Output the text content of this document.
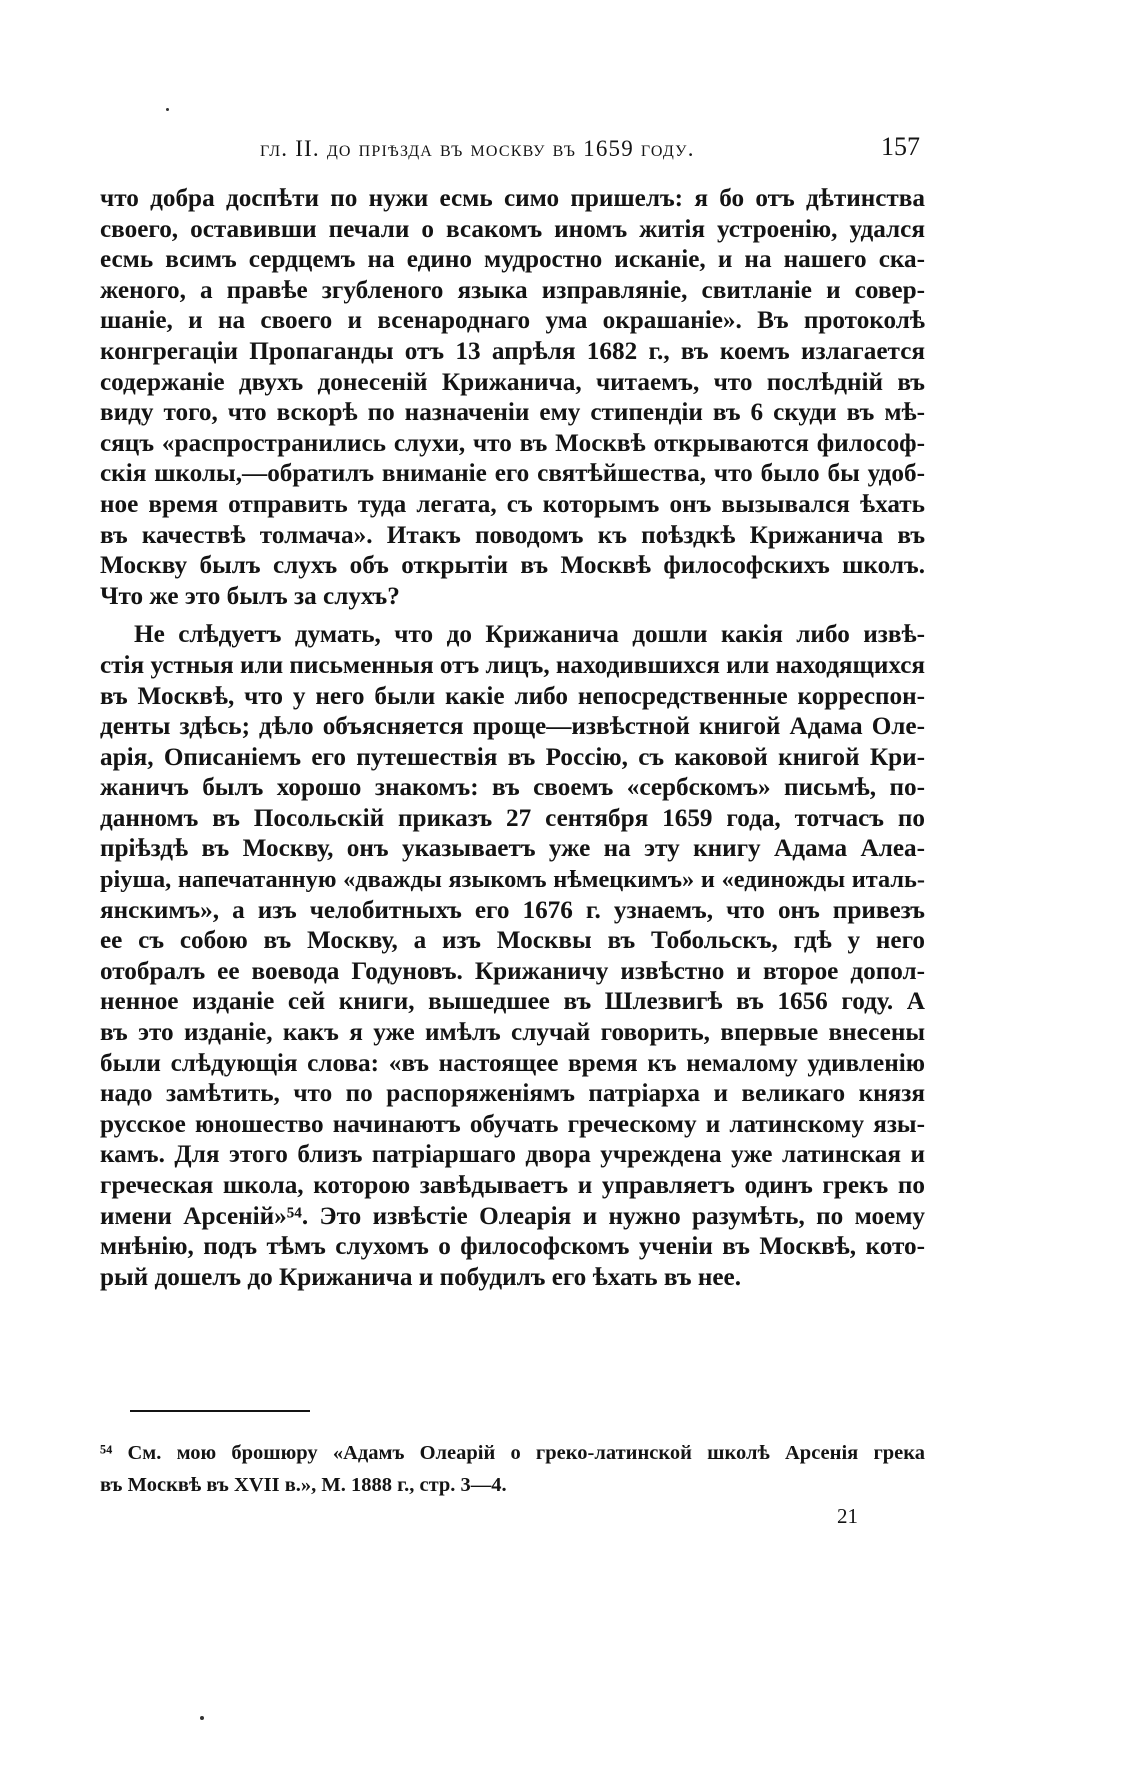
гл. II. до пріѣзда въ москву въ 1659 году.	157
что добра доспѣти по нужи есмь симо пришелъ: я бо отъ дѣтинства
своего, оставивши печали о всакомъ иномъ житія устроенію, удался
есмь всимъ сердцемъ на едино мудростно исканіе, и на нашего ска-
женого, а правѣе згубленого языка изправляніе, свитланіе и совер-
шаніе, и на своего и всенароднаго ума окрашаніе». Въ протоколѣ
конгрегаціи Пропаганды отъ 13 апрѣля 1682 г., въ коемъ излагается
содержаніе двухъ донесеній Крижанича, читаемъ, что послѣдній въ
виду того, что вскорѣ по назначеніи ему стипендіи въ 6 скуди въ мѣ-
сяцъ «распространились слухи, что въ Москвѣ открываются философ-
скія школы,—обратилъ вниманіе его святѣйшества, что было бы удоб-
ное время отправить туда легата, съ которымъ онъ вызывался ѣхать
въ качествѣ толмача». Итакъ поводомъ къ поѣздкѣ Крижанича въ
Москву былъ слухъ объ открытіи въ Москвѣ философскихъ школъ.
Что же это былъ за слухъ?
Не слѣдуетъ думать, что до Крижанича дошли какія либо извѣ-
стія устныя или письменныя отъ лицъ, находившихся или находящихся
въ Москвѣ, что у него были какіе либо непосредственные корреспон-
денты здѣсь; дѣло объясняется проще—извѣстной книгой Адама Оле-
арія, Описаніемъ его путешествія въ Россію, съ каковой книгой Кри-
жаничъ былъ хорошо знакомъ: въ своемъ «сербскомъ» письмѣ, по-
данномъ въ Посольскій приказъ 27 сентября 1659 года, тотчасъ по
пріѣздѣ въ Москву, онъ указываетъ уже на эту книгу Адама Алеа-
ріуша, напечатанную «дважды языкомъ нѣмецкимъ» и «единожды италь-
янскимъ», а изъ челобитныхъ его 1676 г. узнаемъ, что онъ привезъ
ее съ собою въ Москву, а изъ Москвы въ Тобольскъ, гдѣ у него
отобралъ ее воевода Годуновъ. Крижаничу извѣстно и второе допол-
ненное изданіе сей книги, вышедшее въ Шлезвигѣ въ 1656 году. А
въ это изданіе, какъ я уже имѣлъ случай говорить, впервые внесены
были слѣдующія слова: «въ настоящее время къ немалому удивленію
надо замѣтить, что по распоряженіямъ патріарха и великаго князя
русское юношество начинаютъ обучать греческому и латинскому язы-
камъ. Для этого близъ патріаршаго двора учреждена уже латинская и
греческая школа, которою завѣдываетъ и управляетъ одинъ грекъ по
имени Арсеній»⁵⁴. Это извѣстіе Олеарія и нужно разумѣть, по моему
мнѣнію, подъ тѣмъ слухомъ о философскомъ ученіи въ Москвѣ, кото-
рый дошелъ до Крижанича и побудилъ его ѣхать въ нее.
⁵⁴ См. мою брошюру «Адамъ Олеарій о греко-латинской школѣ Арсенія грека
въ Москвѣ въ XVII в.», М. 1888 г., стр. 3—4.
21
